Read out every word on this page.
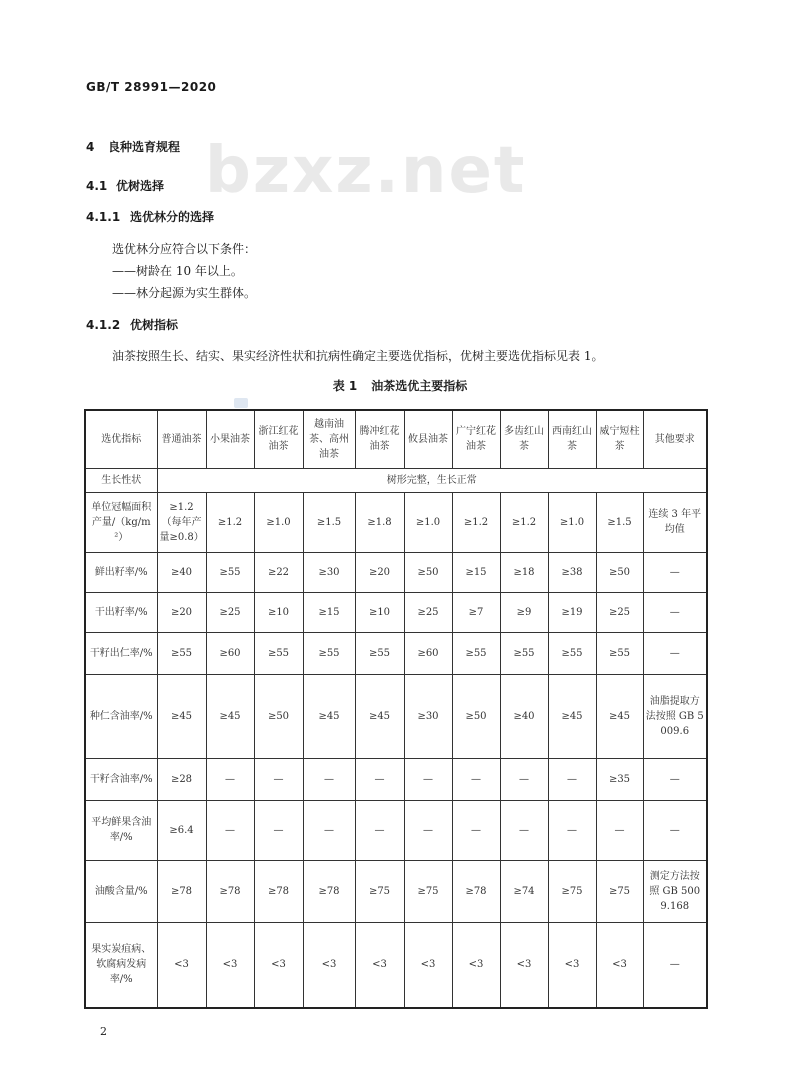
GB/T 28991—2020
bzxz.net
4 良种选育规程
4.1 优树选择
4.1.1 选优林分的选择
选优林分应符合以下条件：
——树龄在 10 年以上。
——林分起源为实生群体。
4.1.2 优树指标
油茶按照生长、结实、果实经济性状和抗病性确定主要选优指标，优树主要选优指标见表 1。
表 1 油茶选优主要指标
选优指标	普通油茶	小果油茶	浙江红花油茶	越南油茶、高州油茶	腾冲红花油茶	攸县油茶	广宁红花油茶	多齿红山茶	西南红山茶	威宁短柱茶	其他要求
生长性状	树形完整，生长正常										
单位冠幅面积产量/（kg/m²）	≥1.2（每年产量≥0.8）	≥1.2	≥1.0	≥1.5	≥1.8	≥1.0	≥1.2	≥1.2	≥1.0	≥1.5	连续 3 年平均值
鲜出籽率/%	≥40	≥55	≥22	≥30	≥20	≥50	≥15	≥18	≥38	≥50	—
干出籽率/%	≥20	≥25	≥10	≥15	≥10	≥25	≥7	≥9	≥19	≥25	—
干籽出仁率/%	≥55	≥60	≥55	≥55	≥55	≥60	≥55	≥55	≥55	≥55	—
种仁含油率/%	≥45	≥45	≥50	≥45	≥45	≥30	≥50	≥40	≥45	≥45	油脂提取方法按照 GB 5009.6
干籽含油率/%	≥28	—	—	—	—	—	—	—	—	≥35	—
平均鲜果含油率/%	≥6.4	—	—	—	—	—	—	—	—	—	—
油酸含量/%	≥78	≥78	≥78	≥78	≥75	≥75	≥78	≥74	≥75	≥75	测定方法按照 GB 5009.168
果实炭疽病、软腐病发病率/%	<3	<3	<3	<3	<3	<3	<3	<3	<3	<3	—
2
